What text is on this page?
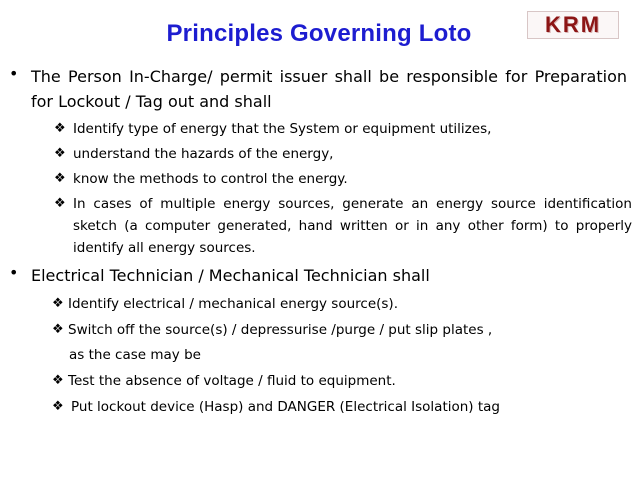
Principles Governing Loto	KRM
• The Person In-Charge/ permit issuer shall be responsible for Preparation for Lockout / Tag out and shall
❖ Identify type of energy that the System or equipment utilizes,
❖ understand the hazards of the energy,
❖ know the methods to control the energy.
❖ In cases of multiple energy sources, generate an energy source identification sketch (a computer generated, hand written or in any other form) to properly identify all energy sources.
• Electrical Technician / Mechanical Technician shall
❖ Identify electrical / mechanical energy source(s).
❖ Switch off the source(s) / depressurise /purge / put slip plates ,
as the case may be
❖ Test the absence of voltage / fluid to equipment.
❖ Put lockout device (Hasp) and DANGER (Electrical Isolation) tag
